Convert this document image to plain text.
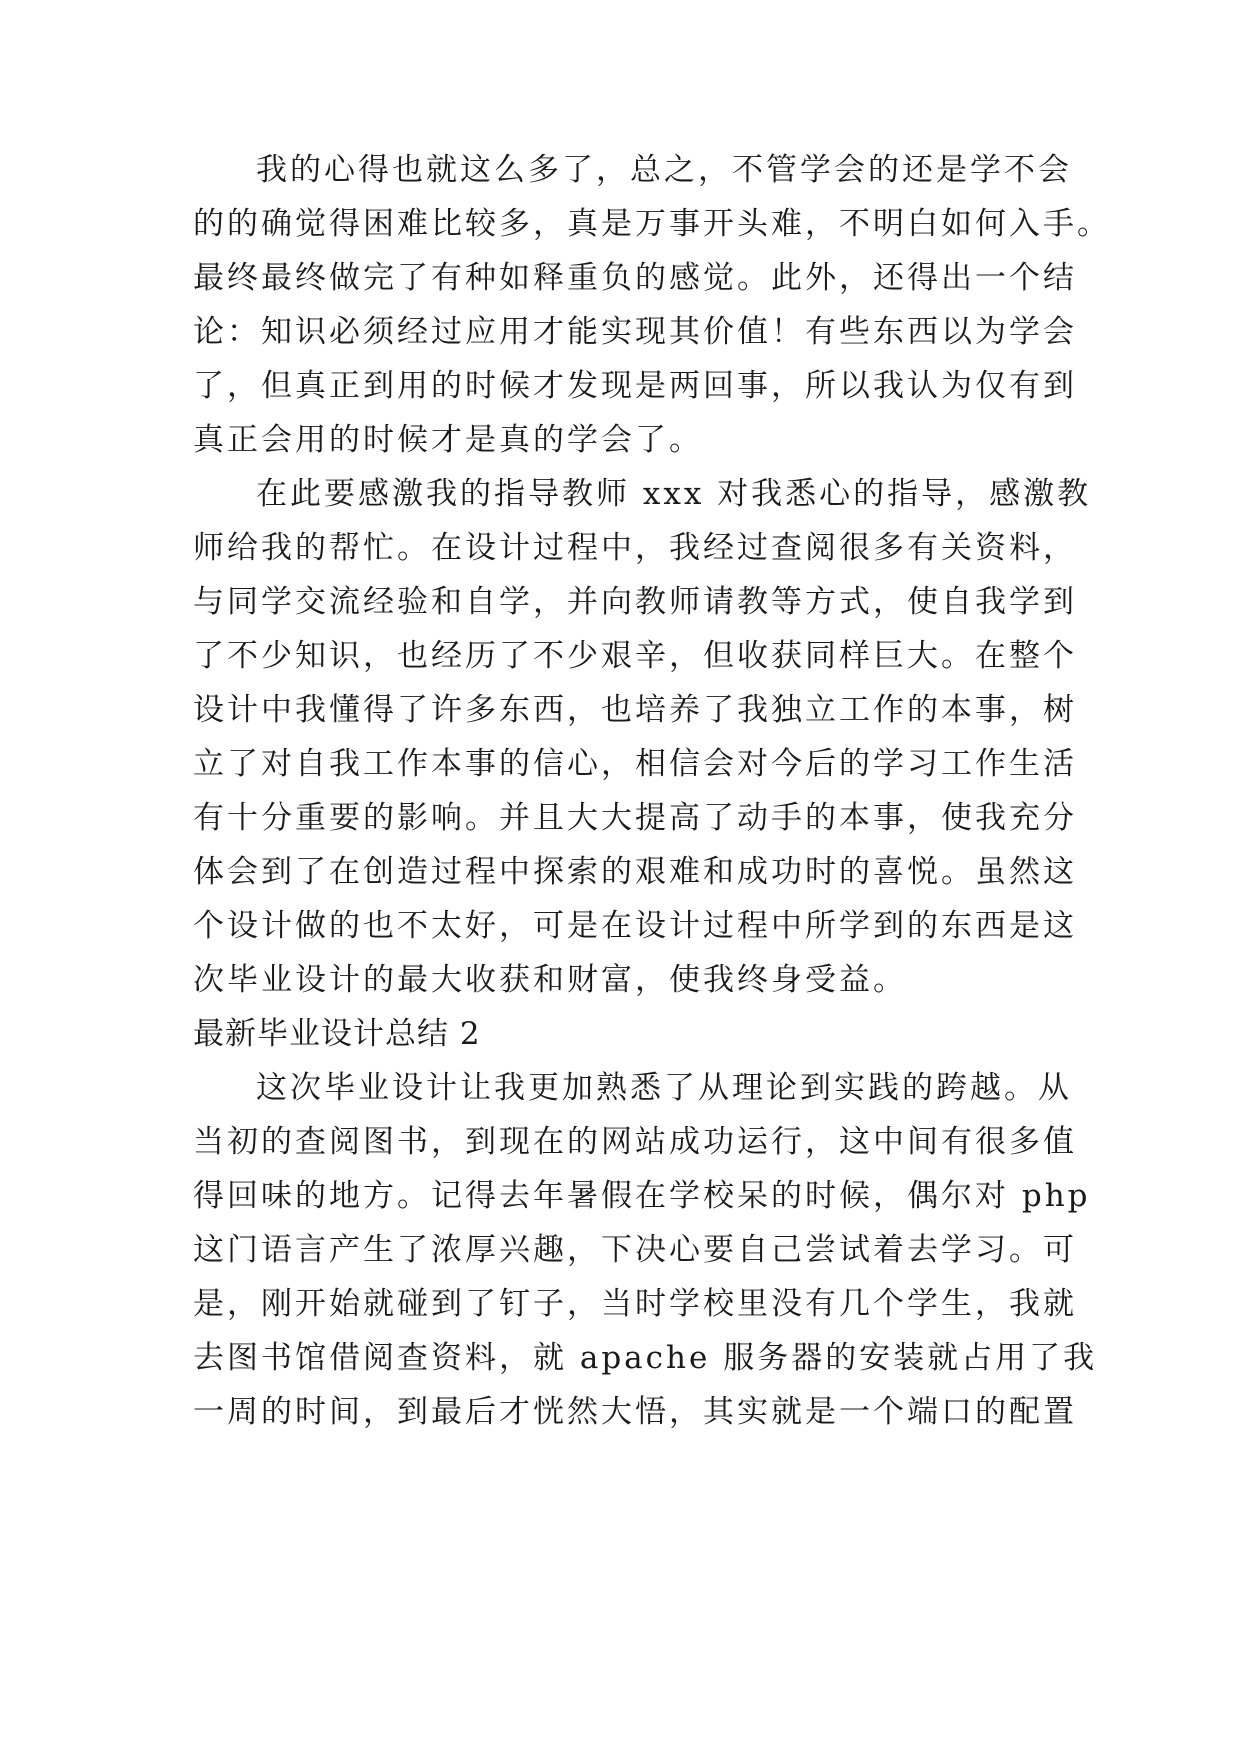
我的心得也就这么多了，总之，不管学会的还是学不会
的的确觉得困难比较多，真是万事开头难，不明白如何入手。
最终最终做完了有种如释重负的感觉。此外，还得出一个结
论：知识必须经过应用才能实现其价值！有些东西以为学会
了，但真正到用的时候才发现是两回事，所以我认为仅有到
真正会用的时候才是真的学会了。
在此要感激我的指导教师 xxx 对我悉心的指导，感激教
师给我的帮忙。在设计过程中，我经过查阅很多有关资料，
与同学交流经验和自学，并向教师请教等方式，使自我学到
了不少知识，也经历了不少艰辛，但收获同样巨大。在整个
设计中我懂得了许多东西，也培养了我独立工作的本事，树
立了对自我工作本事的信心，相信会对今后的学习工作生活
有十分重要的影响。并且大大提高了动手的本事，使我充分
体会到了在创造过程中探索的艰难和成功时的喜悦。虽然这
个设计做的也不太好，可是在设计过程中所学到的东西是这
次毕业设计的最大收获和财富，使我终身受益。
最新毕业设计总结 2
这次毕业设计让我更加熟悉了从理论到实践的跨越。从
当初的查阅图书，到现在的网站成功运行，这中间有很多值
得回味的地方。记得去年暑假在学校呆的时候，偶尔对 php
这门语言产生了浓厚兴趣，下决心要自己尝试着去学习。可
是，刚开始就碰到了钉子，当时学校里没有几个学生，我就
去图书馆借阅查资料，就 apache 服务器的安装就占用了我
一周的时间，到最后才恍然大悟，其实就是一个端口的配置
